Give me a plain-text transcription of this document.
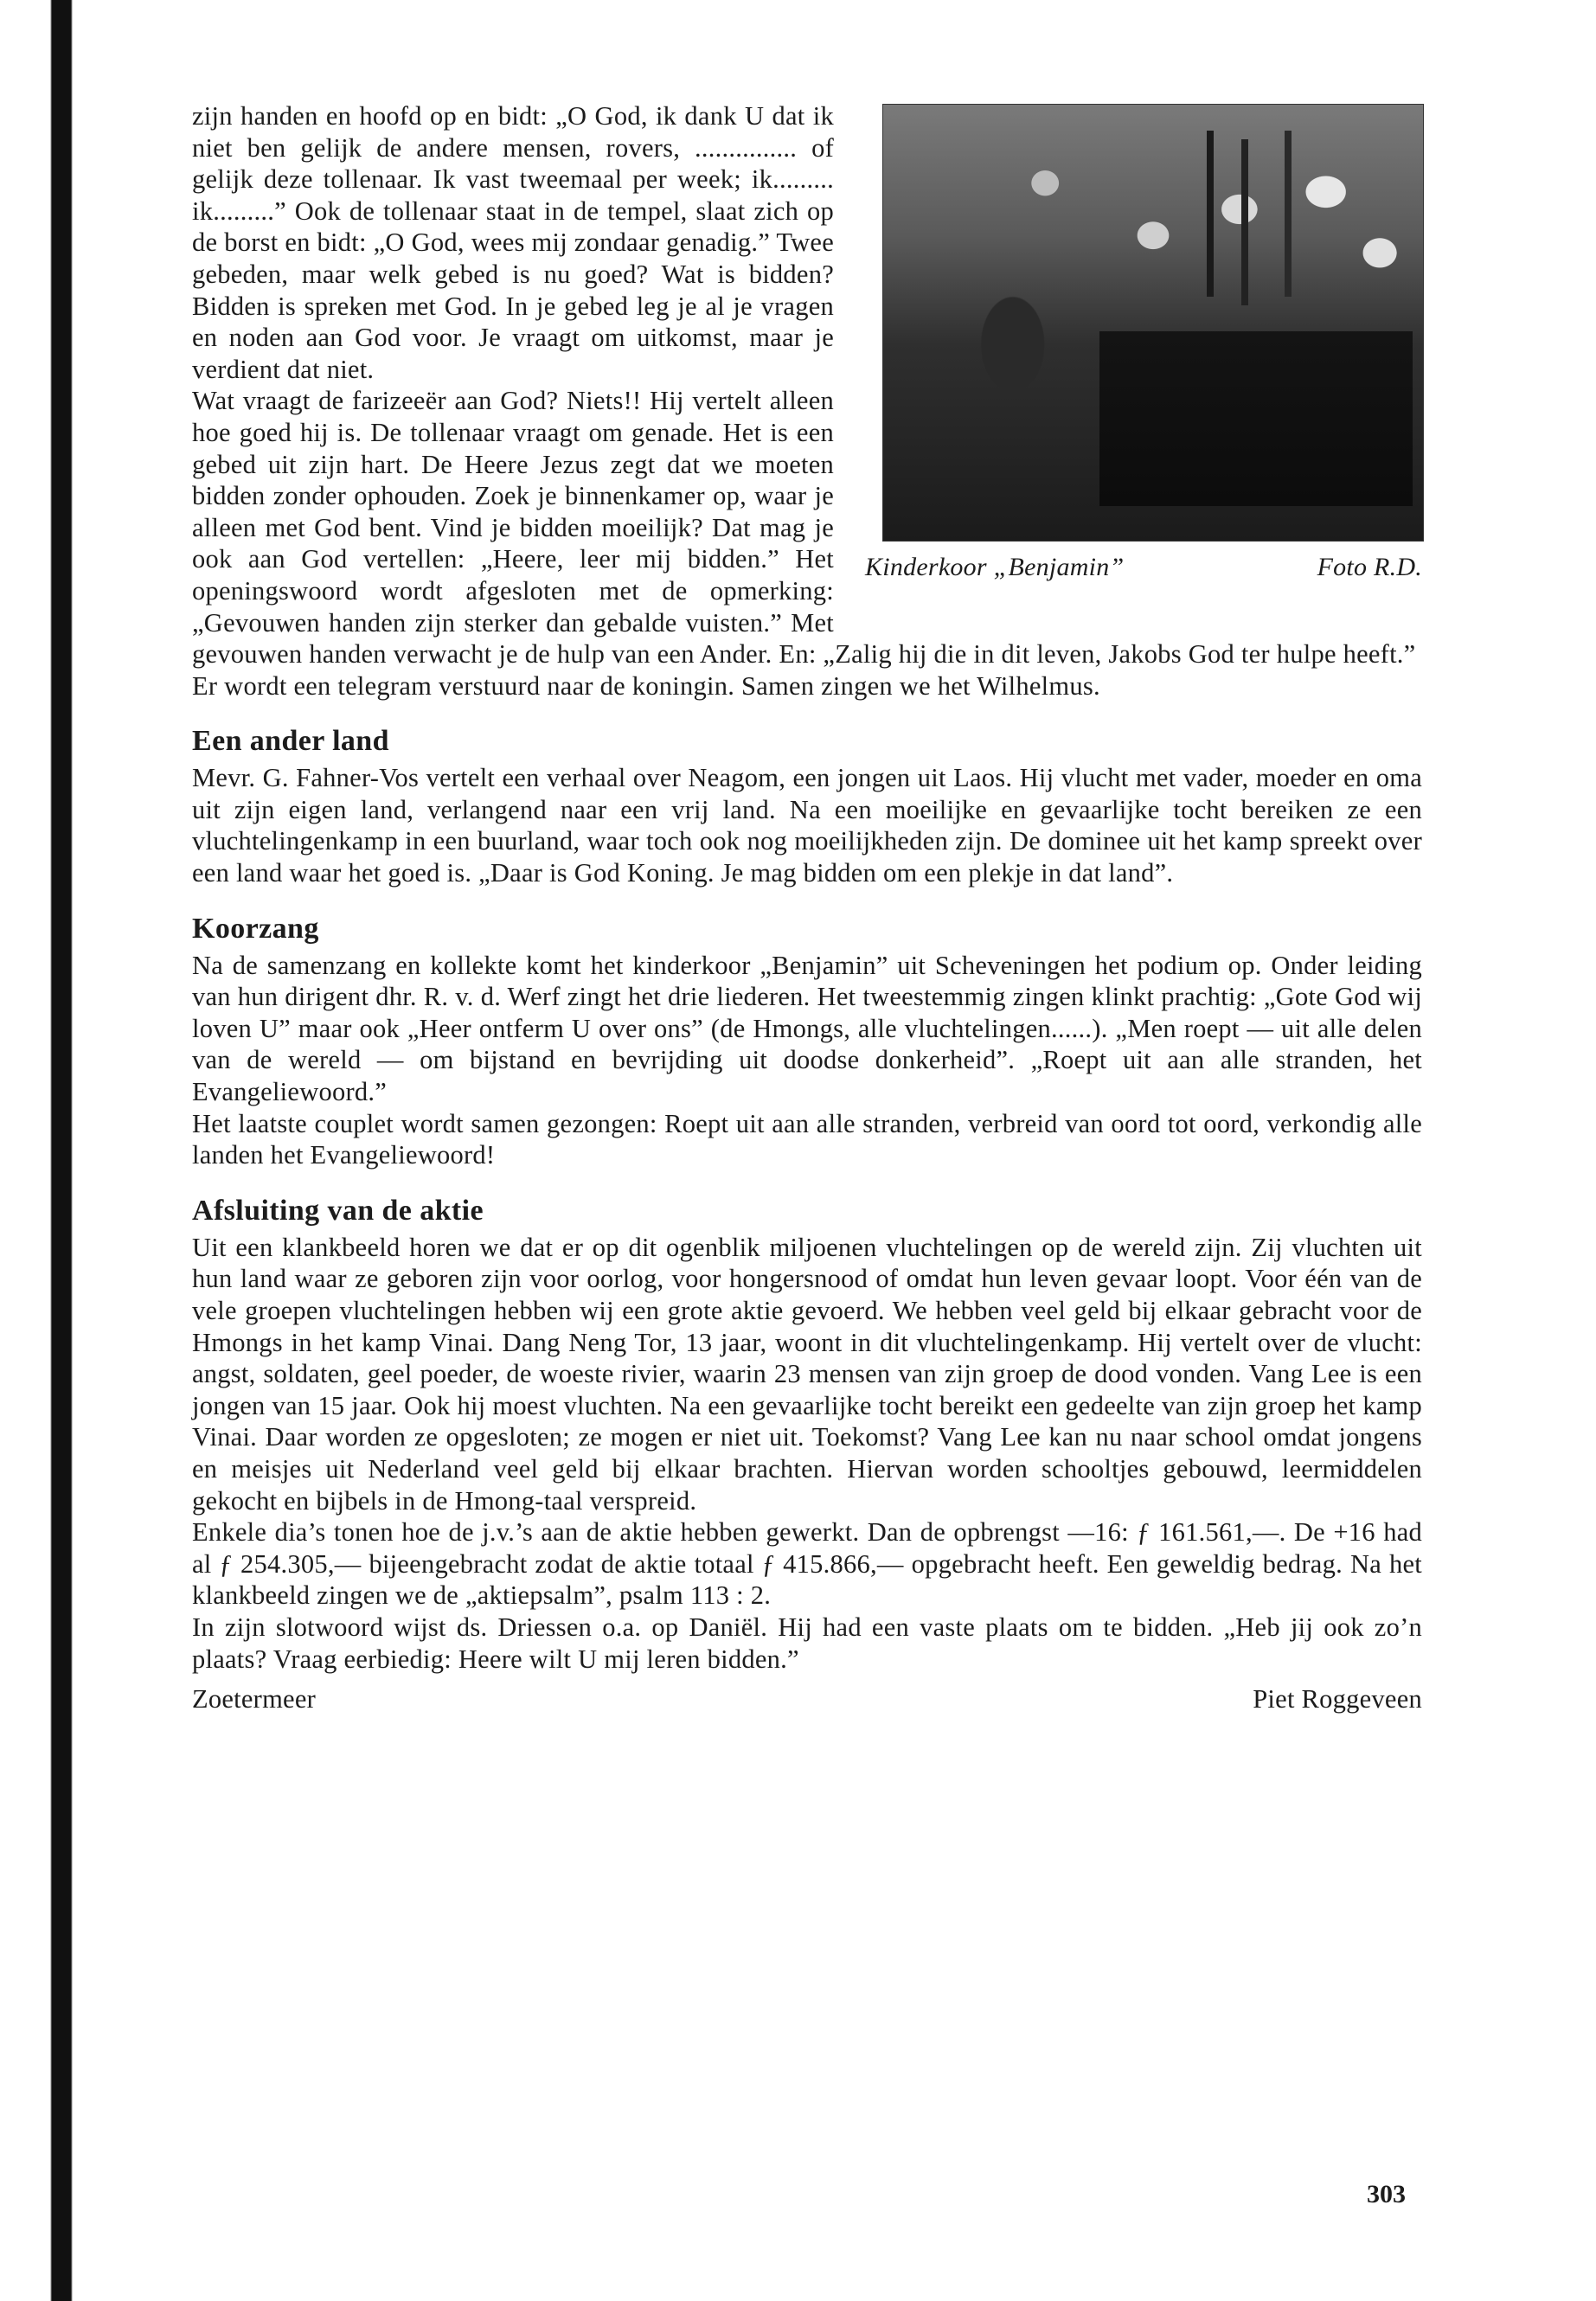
Kinderkoor „Benjamin”	Foto R.D.

zijn handen en hoofd op en bidt: „O God, ik dank U dat ik niet ben gelijk de andere mensen, rovers, ............... of gelijk deze tollenaar. Ik vast tweemaal per week; ik......... ik.........” Ook de tollenaar staat in de tempel, slaat zich op de borst en bidt: „O God, wees mij zondaar genadig.” Twee gebeden, maar welk gebed is nu goed? Wat is bidden? Bidden is spreken met God. In je gebed leg je al je vragen en noden aan God voor. Je vraagt om uitkomst, maar je verdient dat niet.

Wat vraagt de farizeeër aan God? Niets!! Hij vertelt alleen hoe goed hij is. De tollenaar vraagt om genade. Het is een gebed uit zijn hart. De Heere Jezus zegt dat we moeten bidden zonder ophouden. Zoek je binnenkamer op, waar je alleen met God bent. Vind je bidden moeilijk? Dat mag je ook aan God vertellen: „Heere, leer mij bidden.” Het openingswoord wordt afgesloten met de opmerking: „Gevouwen handen zijn sterker dan gebalde vuisten.” Met gevouwen handen verwacht je de hulp van een Ander. En: „Zalig hij die in dit leven, Jakobs God ter hulpe heeft.”

Er wordt een telegram verstuurd naar de koningin. Samen zingen we het Wilhelmus.

Een ander land

Mevr. G. Fahner-Vos vertelt een verhaal over Neagom, een jongen uit Laos. Hij vlucht met vader, moeder en oma uit zijn eigen land, verlangend naar een vrij land. Na een moeilijke en gevaarlijke tocht bereiken ze een vluchtelingenkamp in een buurland, waar toch ook nog moeilijkheden zijn. De dominee uit het kamp spreekt over een land waar het goed is. „Daar is God Koning. Je mag bidden om een plekje in dat land”.

Koorzang

Na de samenzang en kollekte komt het kinderkoor „Benjamin” uit Scheveningen het podium op. Onder leiding van hun dirigent dhr. R. v. d. Werf zingt het drie liederen. Het tweestemmig zingen klinkt prachtig: „Gote God wij loven U” maar ook „Heer ontferm U over ons” (de Hmongs, alle vluchtelingen......). „Men roept — uit alle delen van de wereld — om bijstand en bevrijding uit doodse donkerheid”. „Roept uit aan alle stranden, het Evangeliewoord.”

Het laatste couplet wordt samen gezongen: Roept uit aan alle stranden, verbreid van oord tot oord, verkondig alle landen het Evangeliewoord!

Afsluiting van de aktie

Uit een klankbeeld horen we dat er op dit ogenblik miljoenen vluchtelingen op de wereld zijn. Zij vluchten uit hun land waar ze geboren zijn voor oorlog, voor hongersnood of omdat hun leven gevaar loopt. Voor één van de vele groepen vluchtelingen hebben wij een grote aktie gevoerd. We hebben veel geld bij elkaar gebracht voor de Hmongs in het kamp Vinai. Dang Neng Tor, 13 jaar, woont in dit vluchtelingenkamp. Hij vertelt over de vlucht: angst, soldaten, geel poeder, de woeste rivier, waarin 23 mensen van zijn groep de dood vonden. Vang Lee is een jongen van 15 jaar. Ook hij moest vluchten. Na een gevaarlijke tocht bereikt een gedeelte van zijn groep het kamp Vinai. Daar worden ze opgesloten; ze mogen er niet uit. Toekomst? Vang Lee kan nu naar school omdat jongens en meisjes uit Nederland veel geld bij elkaar brachten. Hiervan worden schooltjes gebouwd, leermiddelen gekocht en bijbels in de Hmong-taal verspreid.

Enkele dia’s tonen hoe de j.v.’s aan de aktie hebben gewerkt. Dan de opbrengst —16: ƒ 161.561,—. De +16 had al ƒ 254.305,— bijeengebracht zodat de aktie totaal ƒ 415.866,— opgebracht heeft. Een geweldig bedrag. Na het klankbeeld zingen we de „aktiepsalm”, psalm 113 : 2.

In zijn slotwoord wijst ds. Driessen o.a. op Daniël. Hij had een vaste plaats om te bidden. „Heb jij ook zo’n plaats? Vraag eerbiedig: Heere wilt U mij leren bidden.”

Zoetermeer	Piet Roggeveen
303
